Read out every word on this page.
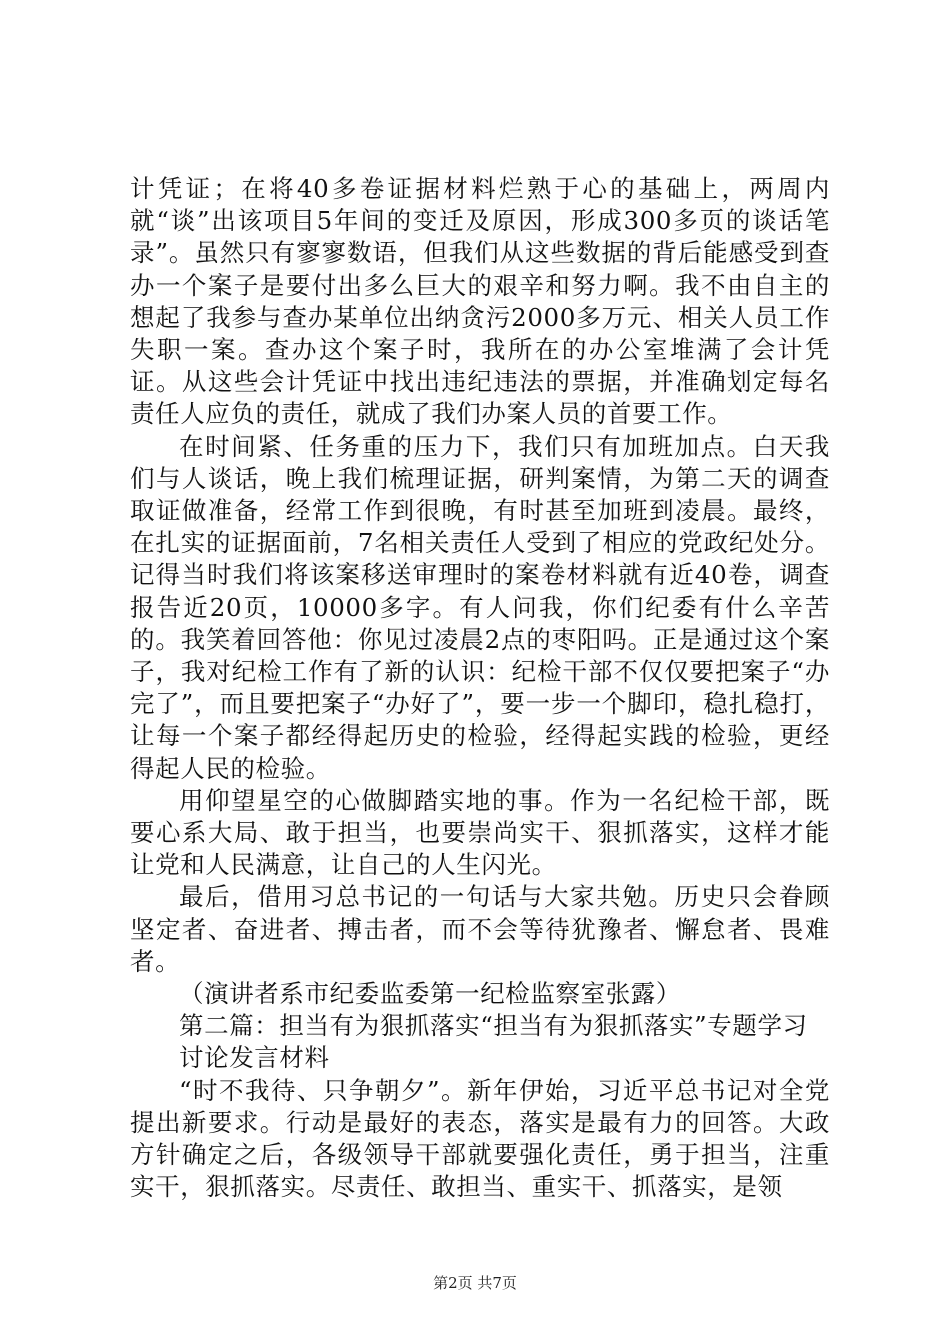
计凭证；在将40多卷证据材料烂熟于心的基础上，两周内就“谈”出该项目5年间的变迁及原因，形成300多页的谈话笔录”。虽然只有寥寥数语，但我们从这些数据的背后能感受到查办一个案子是要付出多么巨大的艰辛和努力啊。我不由自主的想起了我参与查办某单位出纳贪污2000多万元、相关人员工作失职一案。查办这个案子时，我所在的办公室堆满了会计凭证。从这些会计凭证中找出违纪违法的票据，并准确划定每名责任人应负的责任，就成了我们办案人员的首要工作。

在时间紧、任务重的压力下，我们只有加班加点。白天我们与人谈话，晚上我们梳理证据，研判案情，为第二天的调查取证做准备，经常工作到很晚，有时甚至加班到凌晨。最终，在扎实的证据面前，7名相关责任人受到了相应的党政纪处分。记得当时我们将该案移送审理时的案卷材料就有近40卷，调查报告近20页，10000多字。有人问我，你们纪委有什么辛苦的。我笑着回答他：你见过凌晨2点的枣阳吗。正是通过这个案子，我对纪检工作有了新的认识：纪检干部不仅仅要把案子“办完了”，而且要把案子“办好了”，要一步一个脚印，稳扎稳打，让每一个案子都经得起历史的检验，经得起实践的检验，更经得起人民的检验。

用仰望星空的心做脚踏实地的事。作为一名纪检干部，既要心系大局、敢于担当，也要崇尚实干、狠抓落实，这样才能让党和人民满意，让自己的人生闪光。

最后，借用习总书记的一句话与大家共勉。历史只会眷顾坚定者、奋进者、搏击者，而不会等待犹豫者、懈怠者、畏难者。

（演讲者系市纪委监委第一纪检监察室张露）

第二篇：担当有为狠抓落实“担当有为狠抓落实”专题学习

讨论发言材料

“时不我待、只争朝夕”。新年伊始，习近平总书记对全党提出新要求。行动是最好的表态，落实是最有力的回答。大政方针确定之后，各级领导干部就要强化责任，勇于担当，注重实干，狠抓落实。尽责任、敢担当、重实干、抓落实，是领

第2页 共7页
